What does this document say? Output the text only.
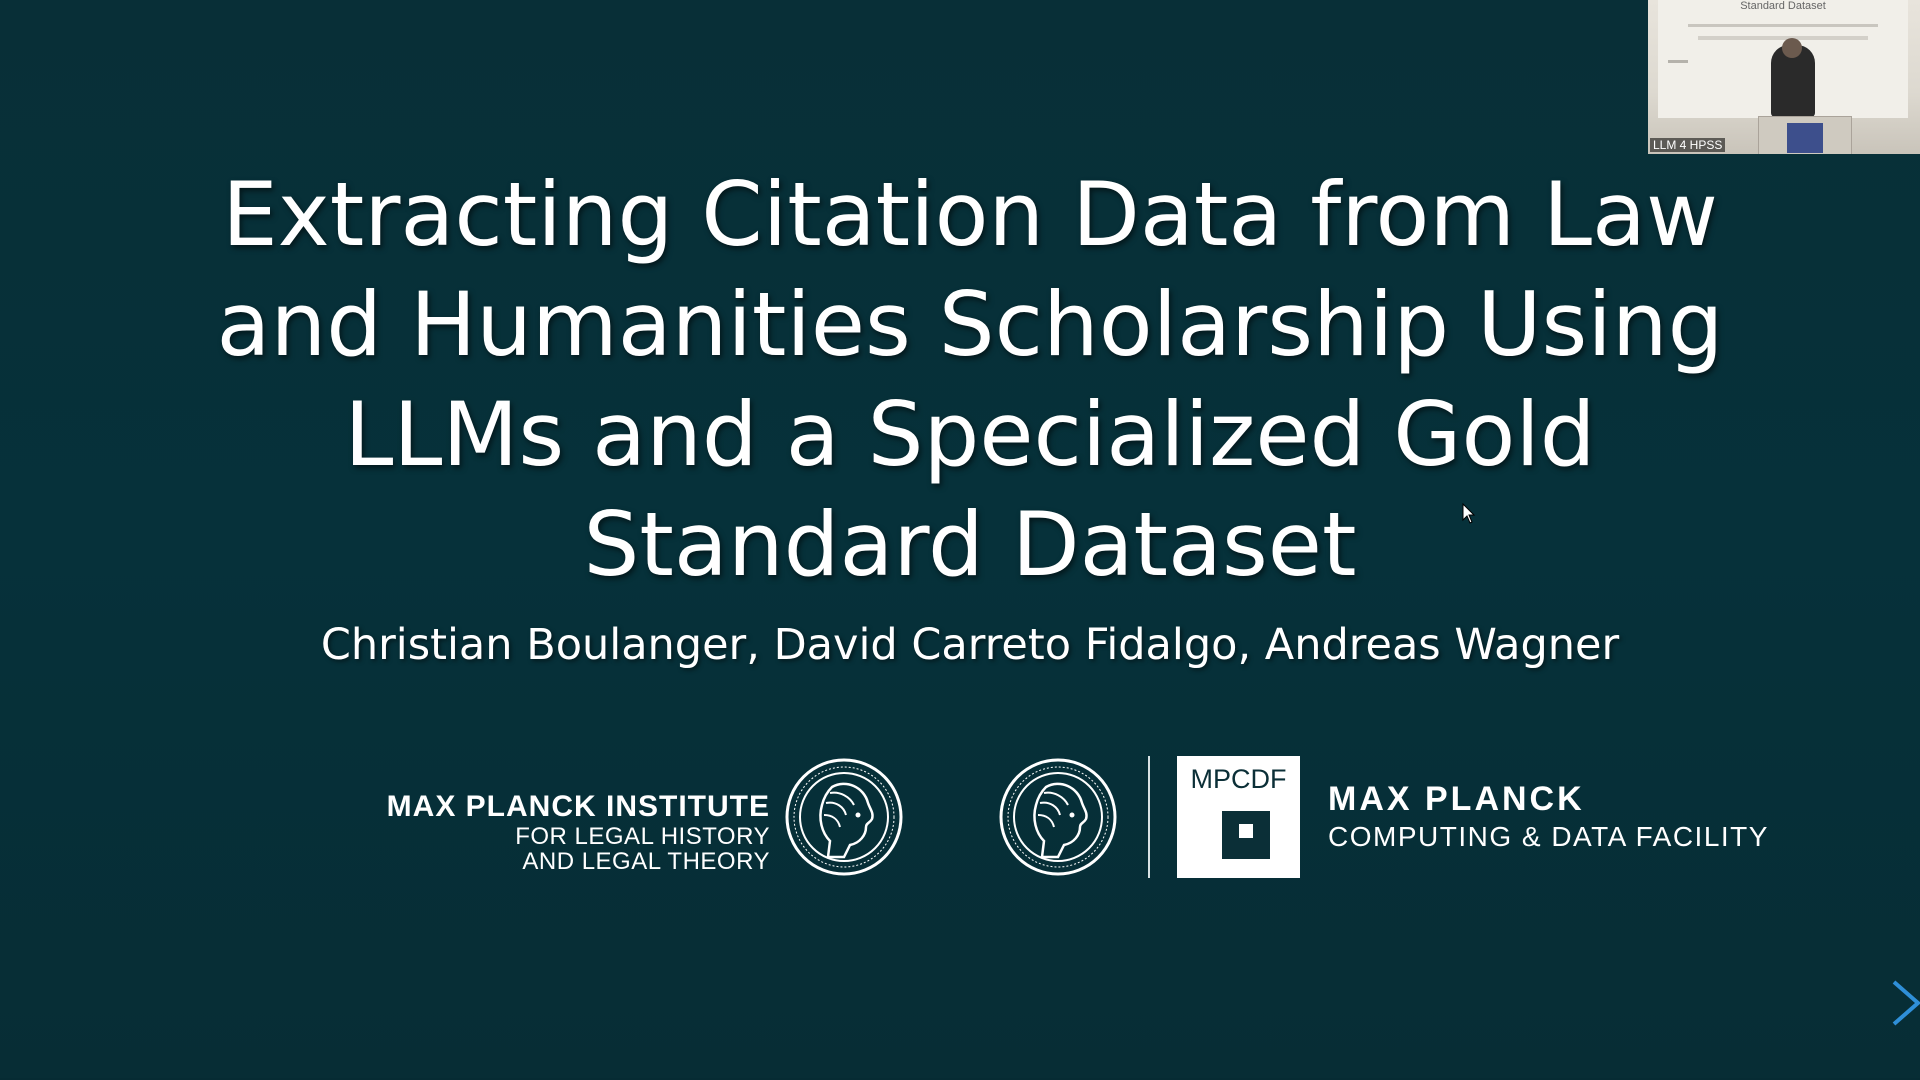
Extracting Citation Data from Law
and Humanities Scholarship Using
LLMs and a Specialized Gold
Standard Dataset
Christian Boulanger, David Carreto Fidalgo, Andreas Wagner
MAX PLANCK INSTITUTE
FOR LEGAL HISTORY
AND LEGAL THEORY
MPCDF
MAX PLANCK
COMPUTING & DATA FACILITY
Standard Dataset
LLM 4 HPSS
